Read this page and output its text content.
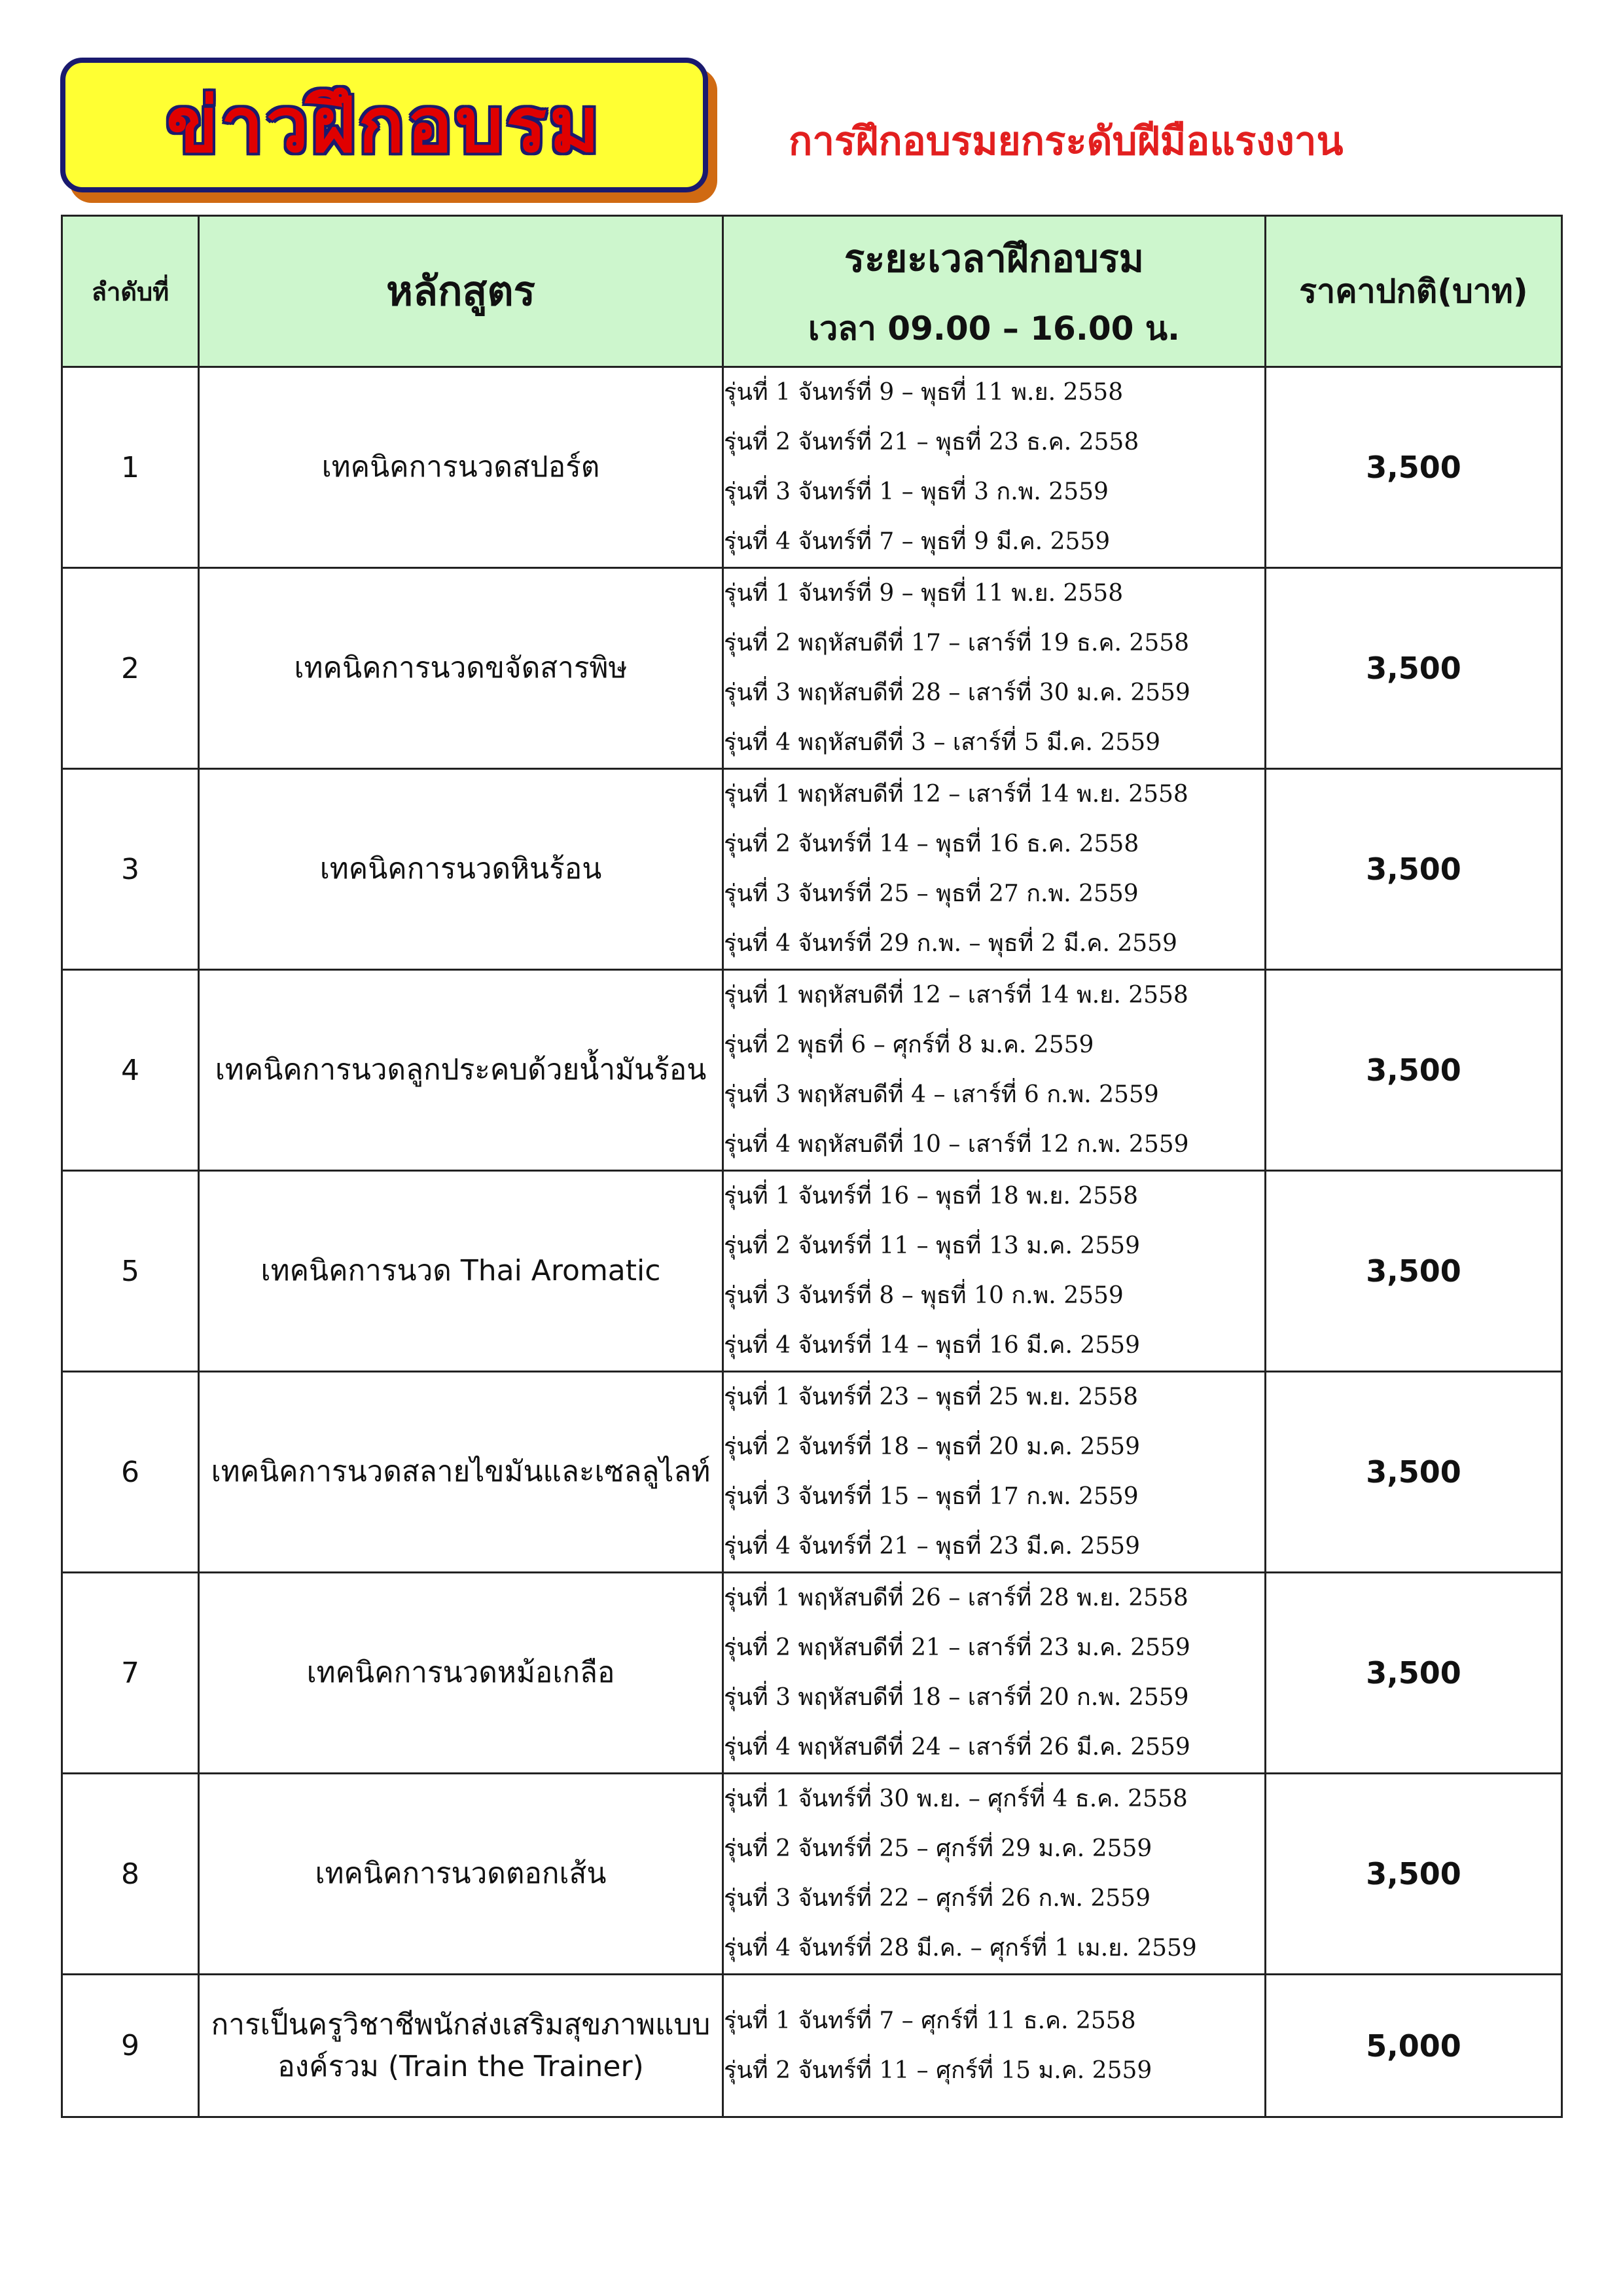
ข่าวฝึกอบรม	การฝึกอบรมยกระดับฝีมือแรงงาน
ลำดับที่	หลักสูตร	ระยะเวลาฝึกอบรม
เวลา 09.00 – 16.00 น.	ราคาปกติ(บาท)
1	เทคนิคการนวดสปอร์ต	รุ่นที่ 1 จันทร์ที่ 9 – พุธที่ 11 พ.ย. 2558
รุ่นที่ 2 จันทร์ที่ 21 – พุธที่ 23 ธ.ค. 2558
รุ่นที่ 3 จันทร์ที่ 1 – พุธที่ 3 ก.พ. 2559
รุ่นที่ 4 จันทร์ที่ 7 – พุธที่ 9 มี.ค. 2559	3,500
2	เทคนิคการนวดขจัดสารพิษ	รุ่นที่ 1 จันทร์ที่ 9 – พุธที่ 11 พ.ย. 2558
รุ่นที่ 2 พฤหัสบดีที่ 17 – เสาร์ที่ 19 ธ.ค. 2558
รุ่นที่ 3 พฤหัสบดีที่ 28 – เสาร์ที่ 30 ม.ค. 2559
รุ่นที่ 4 พฤหัสบดีที่ 3 – เสาร์ที่ 5 มี.ค. 2559	3,500
3	เทคนิคการนวดหินร้อน	รุ่นที่ 1 พฤหัสบดีที่ 12 – เสาร์ที่ 14 พ.ย. 2558
รุ่นที่ 2 จันทร์ที่ 14 – พุธที่ 16 ธ.ค. 2558
รุ่นที่ 3 จันทร์ที่ 25 – พุธที่ 27 ก.พ. 2559
รุ่นที่ 4 จันทร์ที่ 29 ก.พ. – พุธที่ 2 มี.ค. 2559	3,500
4	เทคนิคการนวดลูกประคบด้วยน้ำมันร้อน	รุ่นที่ 1 พฤหัสบดีที่ 12 – เสาร์ที่ 14 พ.ย. 2558
รุ่นที่ 2 พุธที่ 6 – ศุกร์ที่ 8 ม.ค. 2559
รุ่นที่ 3 พฤหัสบดีที่ 4 – เสาร์ที่ 6 ก.พ. 2559
รุ่นที่ 4 พฤหัสบดีที่ 10 – เสาร์ที่ 12 ก.พ. 2559	3,500
5	เทคนิคการนวด Thai Aromatic	รุ่นที่ 1 จันทร์ที่ 16 – พุธที่ 18 พ.ย. 2558
รุ่นที่ 2 จันทร์ที่ 11 – พุธที่ 13 ม.ค. 2559
รุ่นที่ 3 จันทร์ที่ 8 – พุธที่ 10 ก.พ. 2559
รุ่นที่ 4 จันทร์ที่ 14 – พุธที่ 16 มี.ค. 2559	3,500
6	เทคนิคการนวดสลายไขมันและเซลลูไลท์	รุ่นที่ 1 จันทร์ที่ 23 – พุธที่ 25 พ.ย. 2558
รุ่นที่ 2 จันทร์ที่ 18 – พุธที่ 20 ม.ค. 2559
รุ่นที่ 3 จันทร์ที่ 15 – พุธที่ 17 ก.พ. 2559
รุ่นที่ 4 จันทร์ที่ 21 – พุธที่ 23 มี.ค. 2559	3,500
7	เทคนิคการนวดหม้อเกลือ	รุ่นที่ 1 พฤหัสบดีที่ 26 – เสาร์ที่ 28 พ.ย. 2558
รุ่นที่ 2 พฤหัสบดีที่ 21 – เสาร์ที่ 23 ม.ค. 2559
รุ่นที่ 3 พฤหัสบดีที่ 18 – เสาร์ที่ 20 ก.พ. 2559
รุ่นที่ 4 พฤหัสบดีที่ 24 – เสาร์ที่ 26 มี.ค. 2559	3,500
8	เทคนิคการนวดตอกเส้น	รุ่นที่ 1 จันทร์ที่ 30 พ.ย. – ศุกร์ที่ 4 ธ.ค. 2558
รุ่นที่ 2 จันทร์ที่ 25 – ศุกร์ที่ 29 ม.ค. 2559
รุ่นที่ 3 จันทร์ที่ 22 – ศุกร์ที่ 26 ก.พ. 2559
รุ่นที่ 4 จันทร์ที่ 28 มี.ค. – ศุกร์ที่ 1 เม.ย. 2559	3,500
9	การเป็นครูวิชาชีพนักส่งเสริมสุขภาพแบบองค์รวม (Train the Trainer)	รุ่นที่ 1 จันทร์ที่ 7 – ศุกร์ที่ 11 ธ.ค. 2558
รุ่นที่ 2 จันทร์ที่ 11 – ศุกร์ที่ 15 ม.ค. 2559	5,000
